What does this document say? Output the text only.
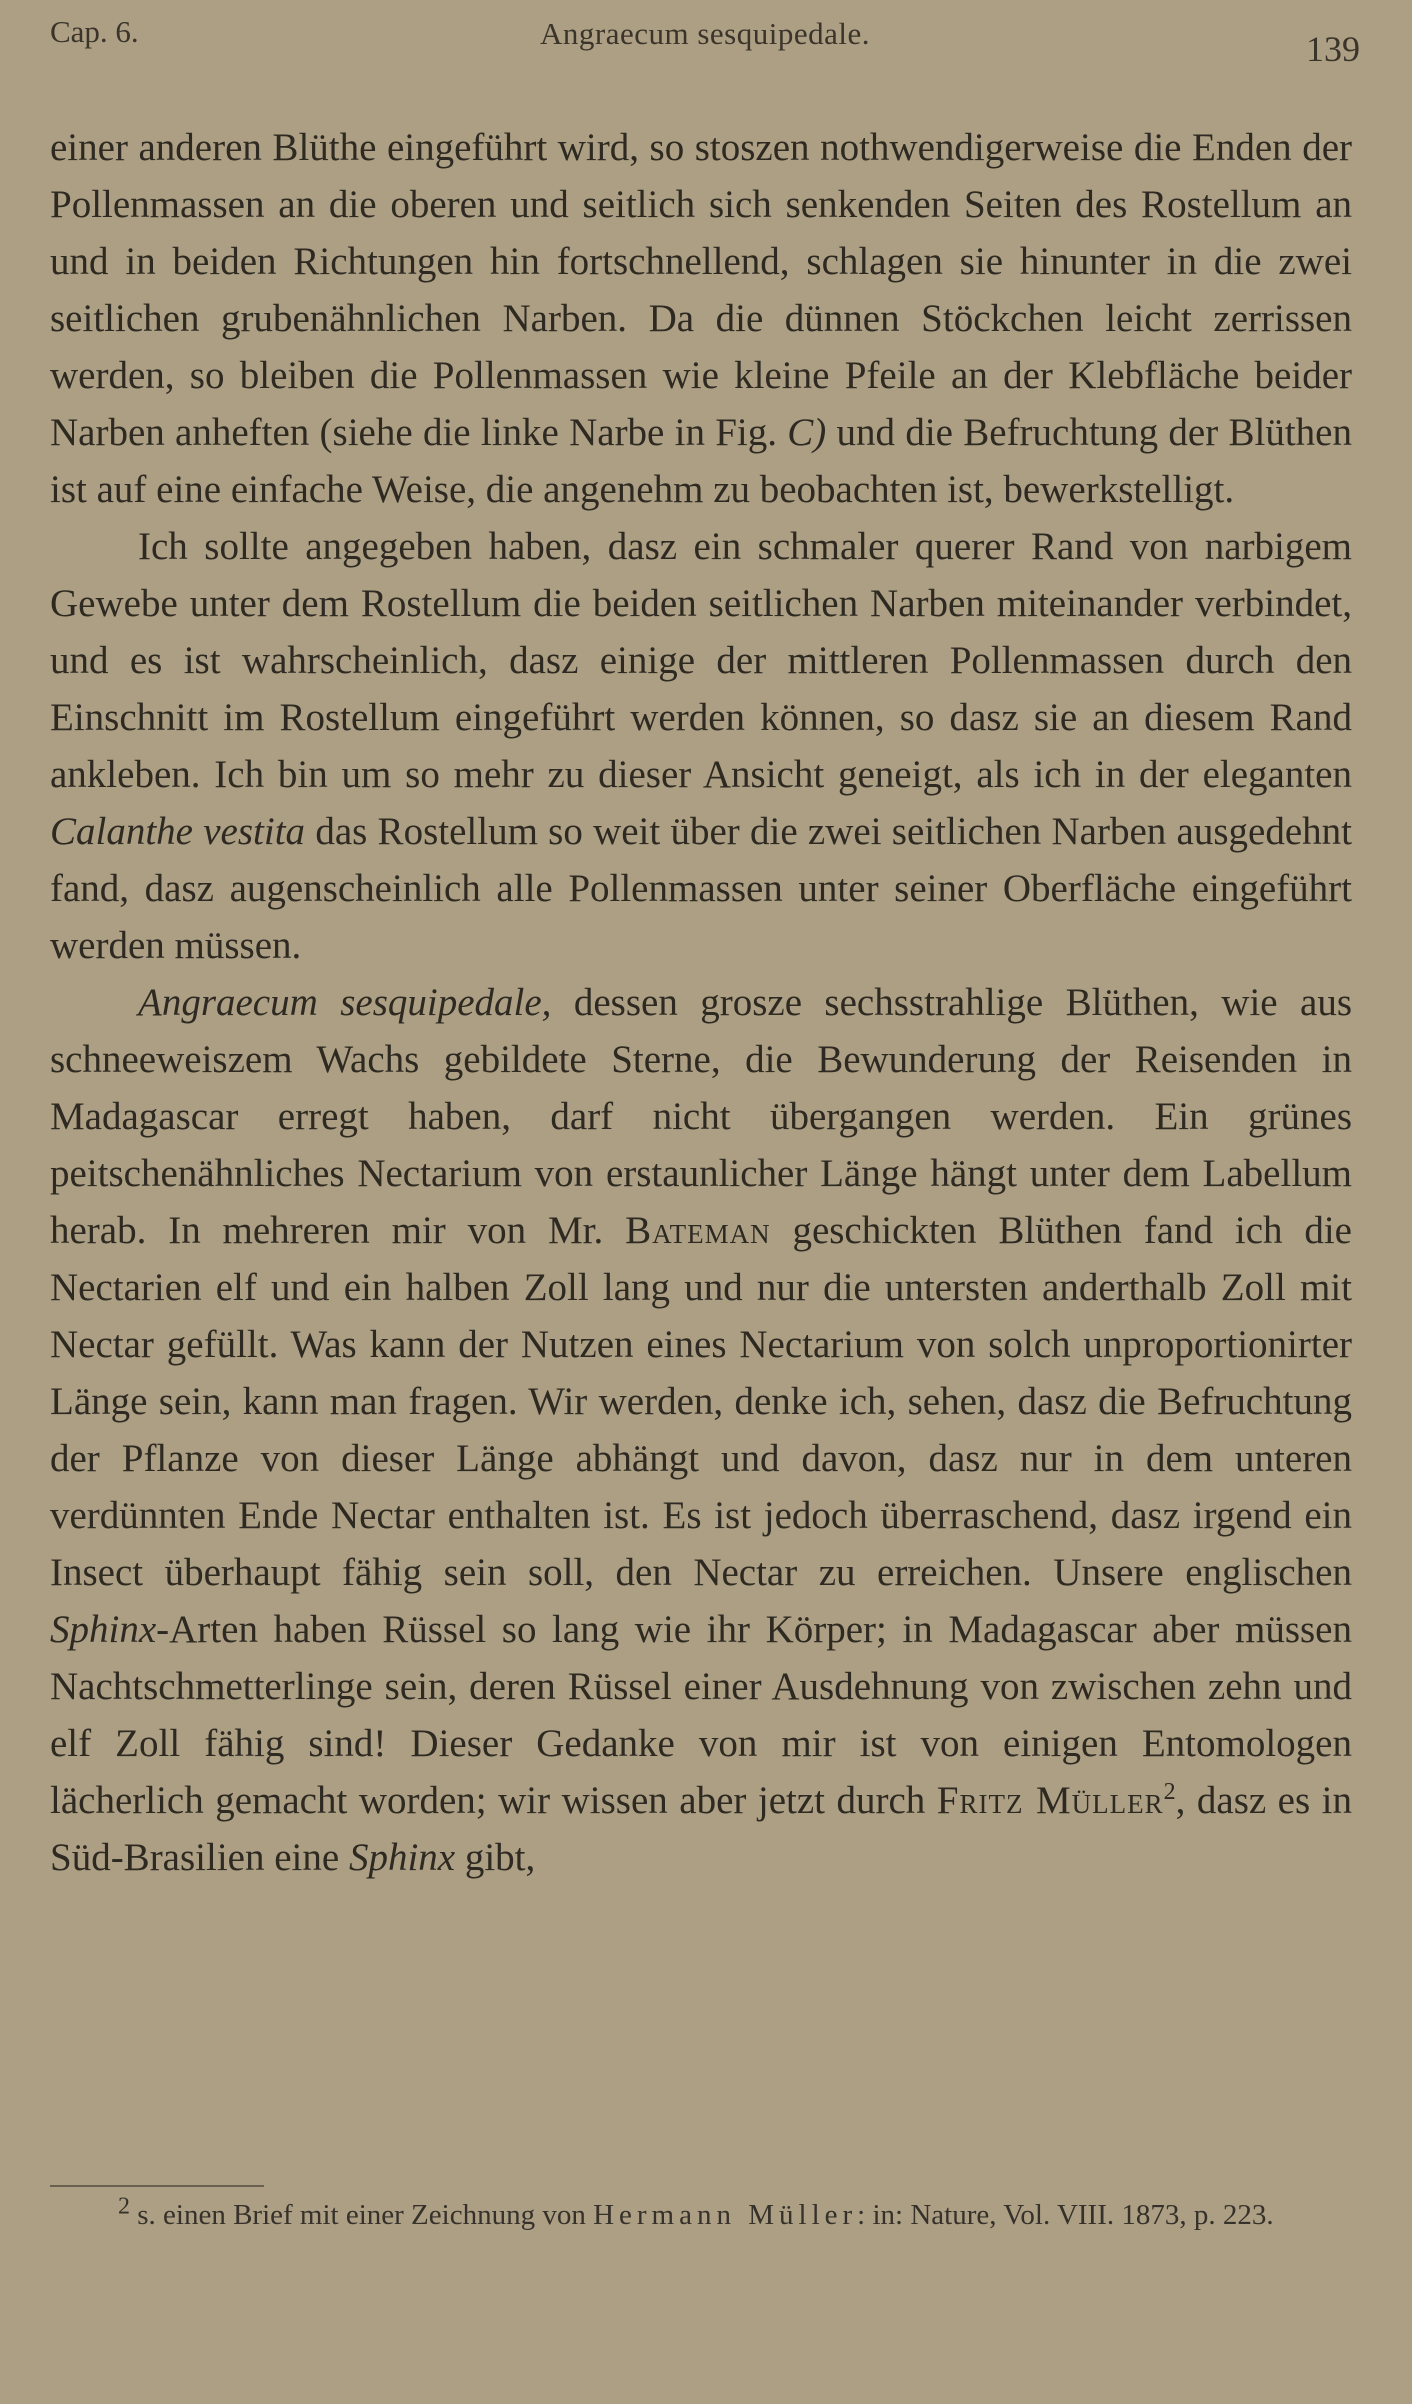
Cap. 6.	Angraecum sesquipedale.	139

einer anderen Blüthe eingeführt wird, so stoszen nothwendigerweise die Enden der Pollenmassen an die oberen und seitlich sich senkenden Seiten des Rostellum an und in beiden Richtungen hin fortschnellend, schlagen sie hinunter in die zwei seitlichen grubenähnlichen Narben. Da die dünnen Stöckchen leicht zerrissen werden, so bleiben die Pollenmassen wie kleine Pfeile an der Klebfläche beider Narben anheften (siehe die linke Narbe in Fig. C) und die Befruchtung der Blüthen ist auf eine einfache Weise, die angenehm zu beobachten ist, bewerkstelligt.

Ich sollte angegeben haben, dasz ein schmaler querer Rand von narbigem Gewebe unter dem Rostellum die beiden seitlichen Narben miteinander verbindet, und es ist wahrscheinlich, dasz einige der mittleren Pollenmassen durch den Einschnitt im Rostellum eingeführt werden können, so dasz sie an diesem Rand ankleben. Ich bin um so mehr zu dieser Ansicht geneigt, als ich in der eleganten Calanthe vestita das Rostellum so weit über die zwei seitlichen Narben ausgedehnt fand, dasz augenscheinlich alle Pollenmassen unter seiner Oberfläche eingeführt werden müssen.

Angraecum sesquipedale, dessen grosze sechsstrahlige Blüthen, wie aus schneeweiszem Wachs gebildete Sterne, die Bewunderung der Reisenden in Madagascar erregt haben, darf nicht übergangen werden. Ein grünes peitschenähnliches Nectarium von erstaunlicher Länge hängt unter dem Labellum herab. In mehreren mir von Mr. Bateman geschickten Blüthen fand ich die Nectarien elf und ein halben Zoll lang und nur die untersten anderthalb Zoll mit Nectar gefüllt. Was kann der Nutzen eines Nectarium von solch unproportionirter Länge sein, kann man fragen. Wir werden, denke ich, sehen, dasz die Befruchtung der Pflanze von dieser Länge abhängt und davon, dasz nur in dem unteren verdünnten Ende Nectar enthalten ist. Es ist jedoch überraschend, dasz irgend ein Insect überhaupt fähig sein soll, den Nectar zu erreichen. Unsere englischen Sphinx-Arten haben Rüssel so lang wie ihr Körper; in Madagascar aber müssen Nachtschmetterlinge sein, deren Rüssel einer Ausdehnung von zwischen zehn und elf Zoll fähig sind! Dieser Gedanke von mir ist von einigen Entomologen lächerlich gemacht worden; wir wissen aber jetzt durch Fritz Müller$^2$, dasz es in Süd-Brasilien eine Sphinx gibt,

$^2$ s. einen Brief mit einer Zeichnung von Hermann Müller: in: Nature, Vol. VIII. 1873, p. 223.
